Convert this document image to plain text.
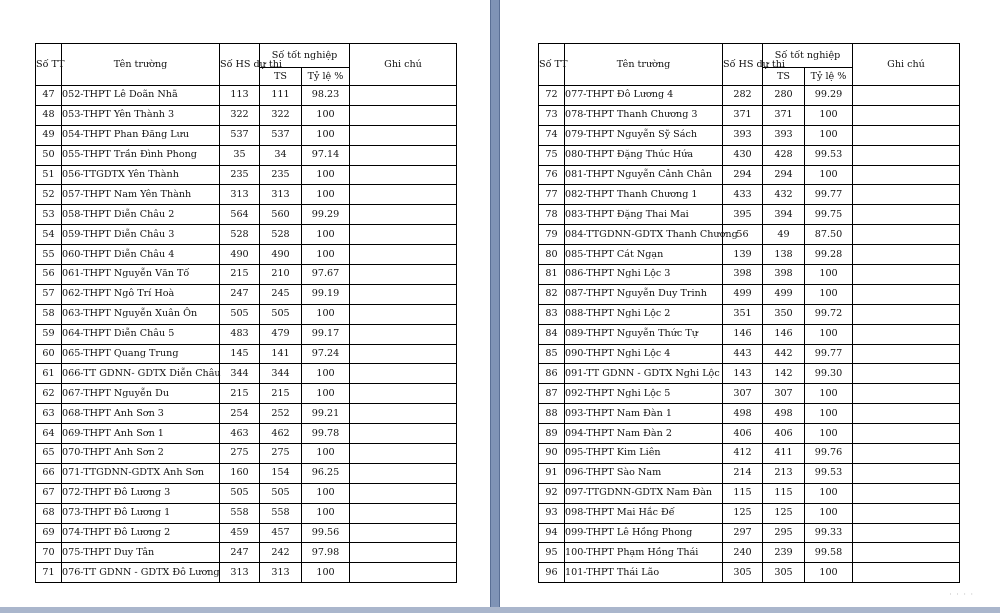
Số TT	Tên trường	Số HS dự thi	Số tốt nghiệp		Ghi chú
			TS	Tỷ lệ %	
47	052-THPT Lê Doãn Nhã	113	111	98.23	
48	053-THPT Yên Thành 3	322	322	100	
49	054-THPT Phan Đăng Lưu	537	537	100	
50	055-THPT Trần Đình Phong	35	34	97.14	
51	056-TTGDTX Yên Thành	235	235	100	
52	057-THPT Nam Yên Thành	313	313	100	
53	058-THPT Diễn Châu 2	564	560	99.29	
54	059-THPT Diễn Châu 3	528	528	100	
55	060-THPT Diễn Châu 4	490	490	100	
56	061-THPT Nguyễn Văn Tố	215	210	97.67	
57	062-THPT Ngô Trí Hoà	247	245	99.19	
58	063-THPT Nguyễn Xuân Ôn	505	505	100	
59	064-THPT Diễn Châu 5	483	479	99.17	
60	065-THPT Quang Trung	145	141	97.24	
61	066-TT GDNN- GDTX Diễn Châu	344	344	100	
62	067-THPT Nguyễn Du	215	215	100	
63	068-THPT Anh Sơn 3	254	252	99.21	
64	069-THPT Anh Sơn 1	463	462	99.78	
65	070-THPT Anh Sơn 2	275	275	100	
66	071-TTGDNN-GDTX Anh Sơn	160	154	96.25	
67	072-THPT Đô Lương 3	505	505	100	
68	073-THPT Đô Lương 1	558	558	100	
69	074-THPT Đô Lương 2	459	457	99.56	
70	075-THPT Duy Tân	247	242	97.98	
71	076-TT GDNN - GDTX Đô Lương	313	313	100	
Số TT	Tên trường	Số HS dự thi	Số tốt nghiệp		Ghi chú
			TS	Tỷ lệ %	
72	077-THPT Đô Lương 4	282	280	99.29	
73	078-THPT Thanh Chương 3	371	371	100	
74	079-THPT Nguyễn Sỹ Sách	393	393	100	
75	080-THPT Đặng Thúc Hứa	430	428	99.53	
76	081-THPT Nguyễn Cảnh Chân	294	294	100	
77	082-THPT Thanh Chương 1	433	432	99.77	
78	083-THPT Đặng Thai Mai	395	394	99.75	
79	084-TTGDNN-GDTX Thanh Chương	56	49	87.50	
80	085-THPT Cát Ngạn	139	138	99.28	
81	086-THPT Nghi Lộc 3	398	398	100	
82	087-THPT Nguyễn Duy Trinh	499	499	100	
83	088-THPT Nghi Lộc 2	351	350	99.72	
84	089-THPT Nguyễn Thức Tự	146	146	100	
85	090-THPT Nghi Lộc 4	443	442	99.77	
86	091-TT GDNN - GDTX Nghi Lộc	143	142	99.30	
87	092-THPT Nghi Lộc 5	307	307	100	
88	093-THPT Nam Đàn 1	498	498	100	
89	094-THPT Nam Đàn 2	406	406	100	
90	095-THPT Kim Liên	412	411	99.76	
91	096-THPT Sào Nam	214	213	99.53	
92	097-TTGDNN-GDTX Nam Đàn	115	115	100	
93	098-THPT Mai Hắc Đế	125	125	100	
94	099-THPT Lê Hồng Phong	297	295	99.33	
95	100-THPT Phạm Hồng Thái	240	239	99.58	
96	101-THPT Thái Lão	305	305	100	
· · · ·
